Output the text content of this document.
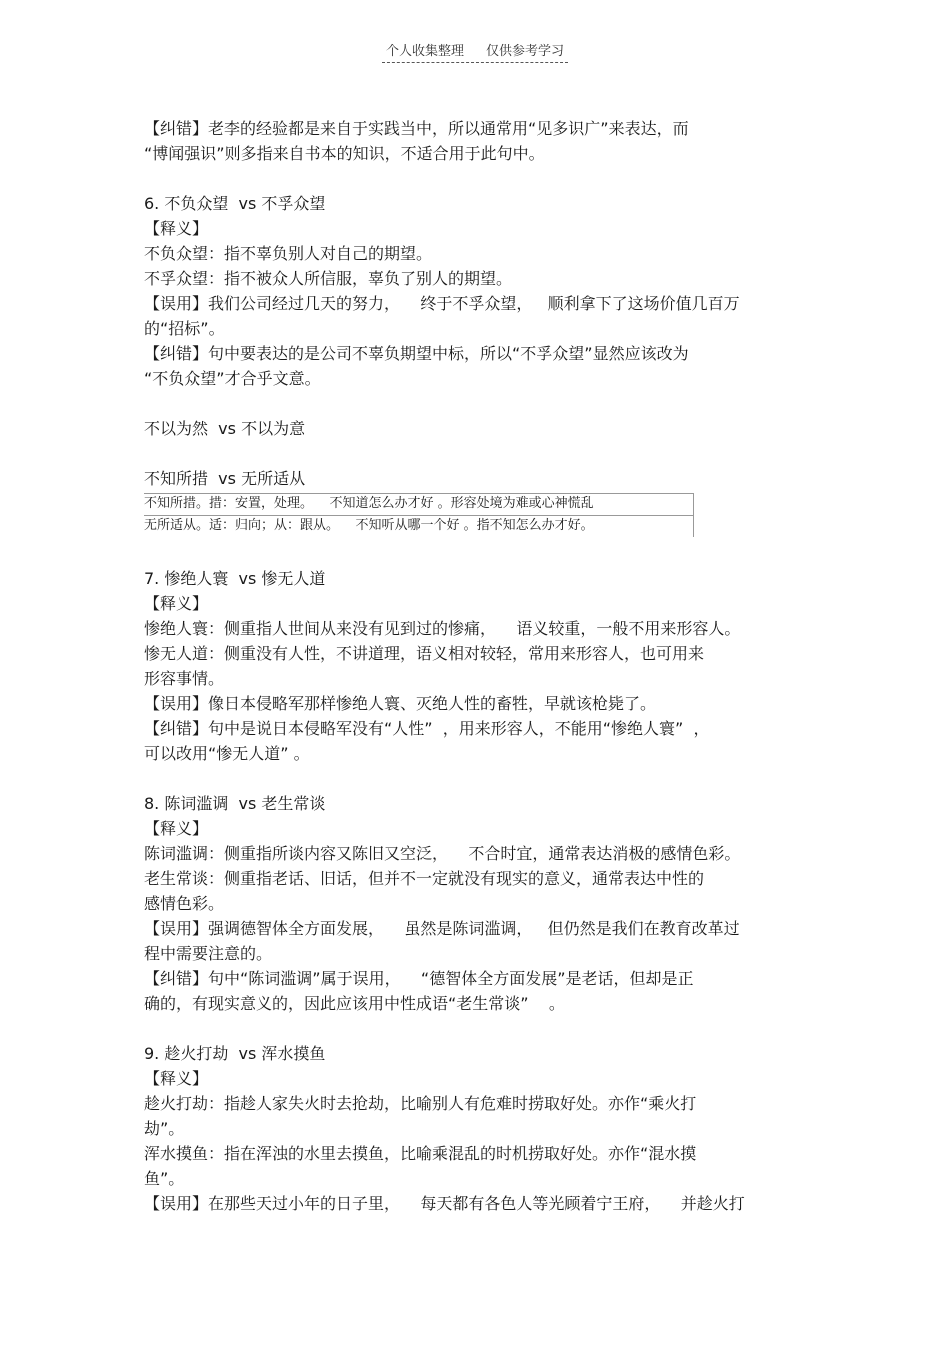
个人收集整理 仅供参考学习
【纠错】老李的经验都是来自于实践当中，所以通常用“见多识广”来表达，而
“博闻强识”则多指来自书本的知识，不适合用于此句中。
6. 不负众望  vs 不孚众望
【释义】
不负众望：指不辜负别人对自己的期望。
不孚众望：指不被众人所信服，辜负了别人的期望。
【误用】我们公司经过几天的努力，    终于不孚众望，   顺利拿下了这场价值几百万
的“招标”。
【纠错】句中要表达的是公司不辜负期望中标，所以“不孚众望”显然应该改为
“不负众望”才合乎文意。
不以为然  vs 不以为意
不知所措  vs 无所适从
7. 惨绝人寰  vs 惨无人道
【释义】
惨绝人寰：侧重指人世间从来没有见到过的惨痛，    语义较重，一般不用来形容人。
惨无人道：侧重没有人性，不讲道理，语义相对较轻，常用来形容人，也可用来
形容事情。
【误用】像日本侵略军那样惨绝人寰、灭绝人性的畜牲，早就该枪毙了。
【纠错】句中是说日本侵略军没有“人性”  ，用来形容人，不能用“惨绝人寰”  ，
可以改用“惨无人道” 。
8. 陈词滥调  vs 老生常谈
【释义】
陈词滥调：侧重指所谈内容又陈旧又空泛，    不合时宜，通常表达消极的感情色彩。
老生常谈：侧重指老话、旧话，但并不一定就没有现实的意义，通常表达中性的
感情色彩。
【误用】强调德智体全方面发展，    虽然是陈词滥调，   但仍然是我们在教育改革过
程中需要注意的。
【纠错】句中“陈词滥调”属于误用，    “德智体全方面发展”是老话，但却是正
确的，有现实意义的，因此应该用中性成语“老生常谈”    。
9. 趁火打劫  vs 浑水摸鱼
【释义】
趁火打劫：指趁人家失火时去抢劫，比喻别人有危难时捞取好处。亦作“乘火打
劫”。
浑水摸鱼：指在浑浊的水里去摸鱼，比喻乘混乱的时机捞取好处。亦作“混水摸
鱼”。
【误用】在那些天过小年的日子里，    每天都有各色人等光顾着宁王府，    并趁火打
不知所措。措：安置，处理。    不知道怎么办才好 。形容处境为难或心神慌乱
无所适从。适：归向；从：跟从。    不知听从哪一个好 。指不知怎么办才好。
